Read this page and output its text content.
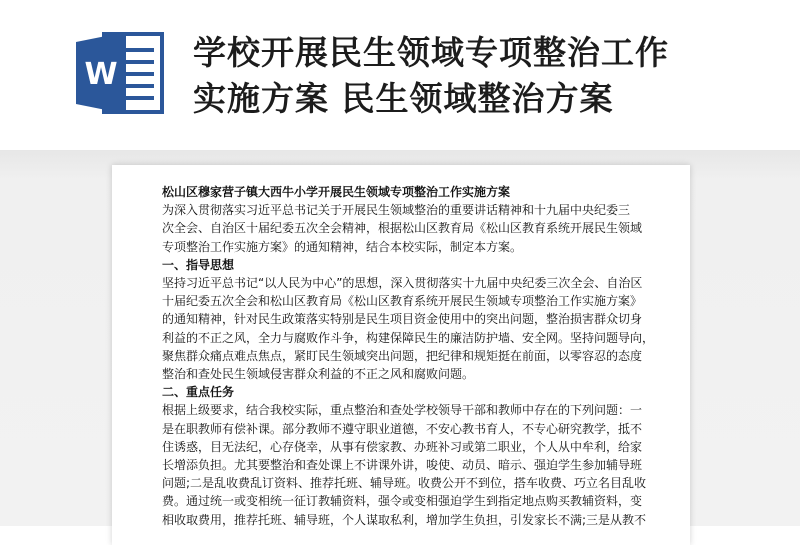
W
学校开展民生领域专项整治工作
实施方案 民生领域整治方案
松山区穆家营子镇大西牛小学开展民生领域专项整治工作实施方案
为深入贯彻落实习近平总书记关于开展民生领域整治的重要讲话精神和十九届中央纪委三
次全会、自治区十届纪委五次全会精神，根据松山区教育局《松山区教育系统开展民生领域
专项整治工作实施方案》的通知精神，结合本校实际，制定本方案。
一、指导思想
坚持习近平总书记“以人民为中心”的思想，深入贯彻落实十九届中央纪委三次全会、自治区
十届纪委五次全会和松山区教育局《松山区教育系统开展民生领域专项整治工作实施方案》
的通知精神，针对民生政策落实特别是民生项目资金使用中的突出问题，整治损害群众切身
利益的不正之风，全力与腐败作斗争，构建保障民生的廉洁防护墙、安全网。坚持问题导向，
聚焦群众痛点难点焦点，紧盯民生领域突出问题，把纪律和规矩挺在前面，以零容忍的态度
整治和查处民生领域侵害群众利益的不正之风和腐败问题。
二、重点任务
根据上级要求，结合我校实际，重点整治和查处学校领导干部和教师中存在的下列问题：一
是在职教师有偿补课。部分教师不遵守职业道德，不安心教书育人，不专心研究教学，抵不
住诱惑，目无法纪，心存侥幸，从事有偿家教、办班补习或第二职业，个人从中牟利，给家
长增添负担。尤其要整治和查处课上不讲课外讲，唆使、动员、暗示、强迫学生参加辅导班
问题;二是乱收费乱订资料、推荐托班、辅导班。收费公开不到位，搭车收费、巧立名目乱收
费。通过统一或变相统一征订教辅资料，强令或变相强迫学生到指定地点购买教辅资料，变
相收取费用，推荐托班、辅导班，个人谋取私利，增加学生负担，引发家长不满;三是从教不
